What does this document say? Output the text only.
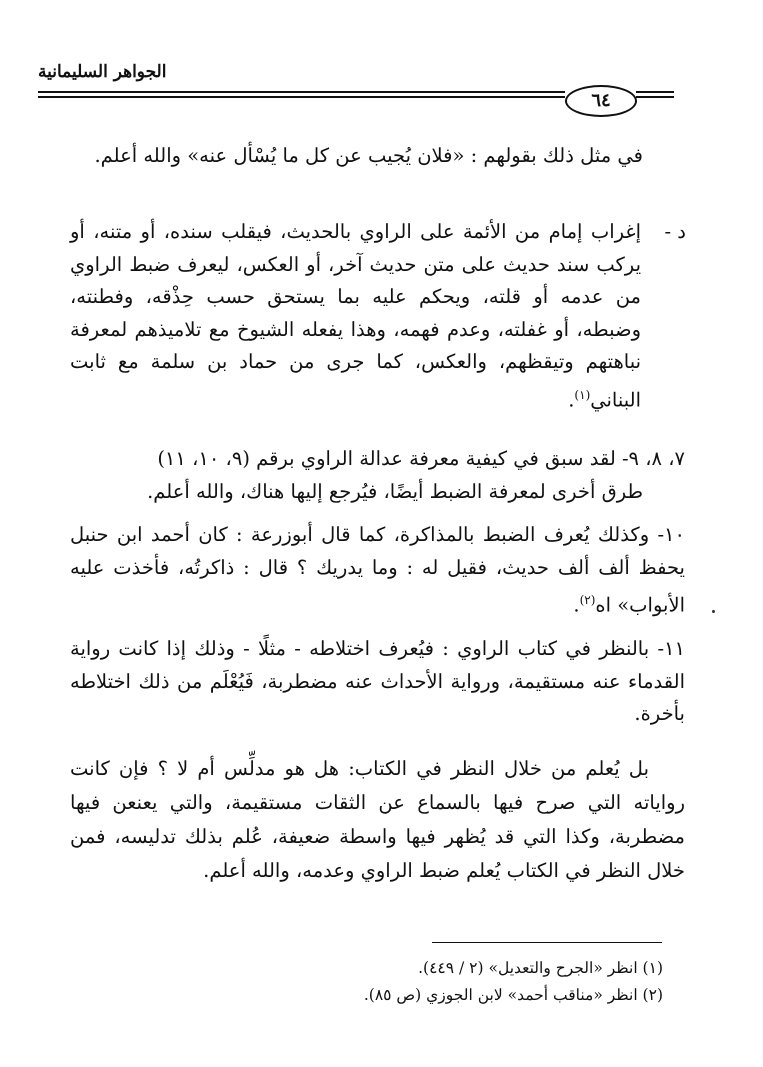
الجواهر السليمانية
٦٤

في مثل ذلك بقولهم : «فلان يُجيب عن كل ما يُسْأل عنه» والله أعلم.

د -

إغراب إمام من الأئمة على الراوي بالحديث، فيقلب سنده، أو متنه، أو يركب سند حديث على متن حديث آخر، أو العكس، ليعرف ضبط الراوي من عدمه أو قلته، ويحكم عليه بما يستحق حسب حِذْقه، وفطنته، وضبطه، أو غفلته، وعدم فهمه، وهذا يفعله الشيوخ مع تلاميذهم لمعرفة نباهتهم وتيقظهم، والعكس، كما جرى من حماد بن سلمة مع ثابت البناني$^{(١)}$.

٧، ٨، ٩- لقد سبق في كيفية معرفة عدالة الراوي برقم (٩، ١٠، ١١)

طرق أخرى لمعرفة الضبط أيضًا، فيُرجع إليها هناك، والله أعلم.

١٠- وكذلك يُعرف الضبط بالمذاكرة، كما قال أبوزرعة : كان أحمد ابن حنبل يحفظ ألف ألف حديث، فقيل له : وما يدريك ؟ قال : ذاكرتُه، فأخذت عليه الأبواب» اه$^{(٢)}$.

١١- بالنظر في كتاب الراوي : فيُعرف اختلاطه - مثلًا - وذلك إذا كانت رواية القدماء عنه مستقيمة، ورواية الأحداث عنه مضطربة، فَيُعْلَم من ذلك اختلاطه بأخرة.

بل يُعلم من خلال النظر في الكتاب: هل هو مدلِّس أم لا ؟ فإن كانت رواياته التي صرح فيها بالسماع عن الثقات مستقيمة، والتي يعنعن فيها مضطربة، وكذا التي قد يُظهر فيها واسطة ضعيفة، عُلم بذلك تدليسه، فمن خلال النظر في الكتاب يُعلم ضبط الراوي وعدمه، والله أعلم.

(١) انظر «الجرح والتعديل» (٢ / ٤٤٩).
(٢) انظر «مناقب أحمد» لابن الجوزي (ص ٨٥).
